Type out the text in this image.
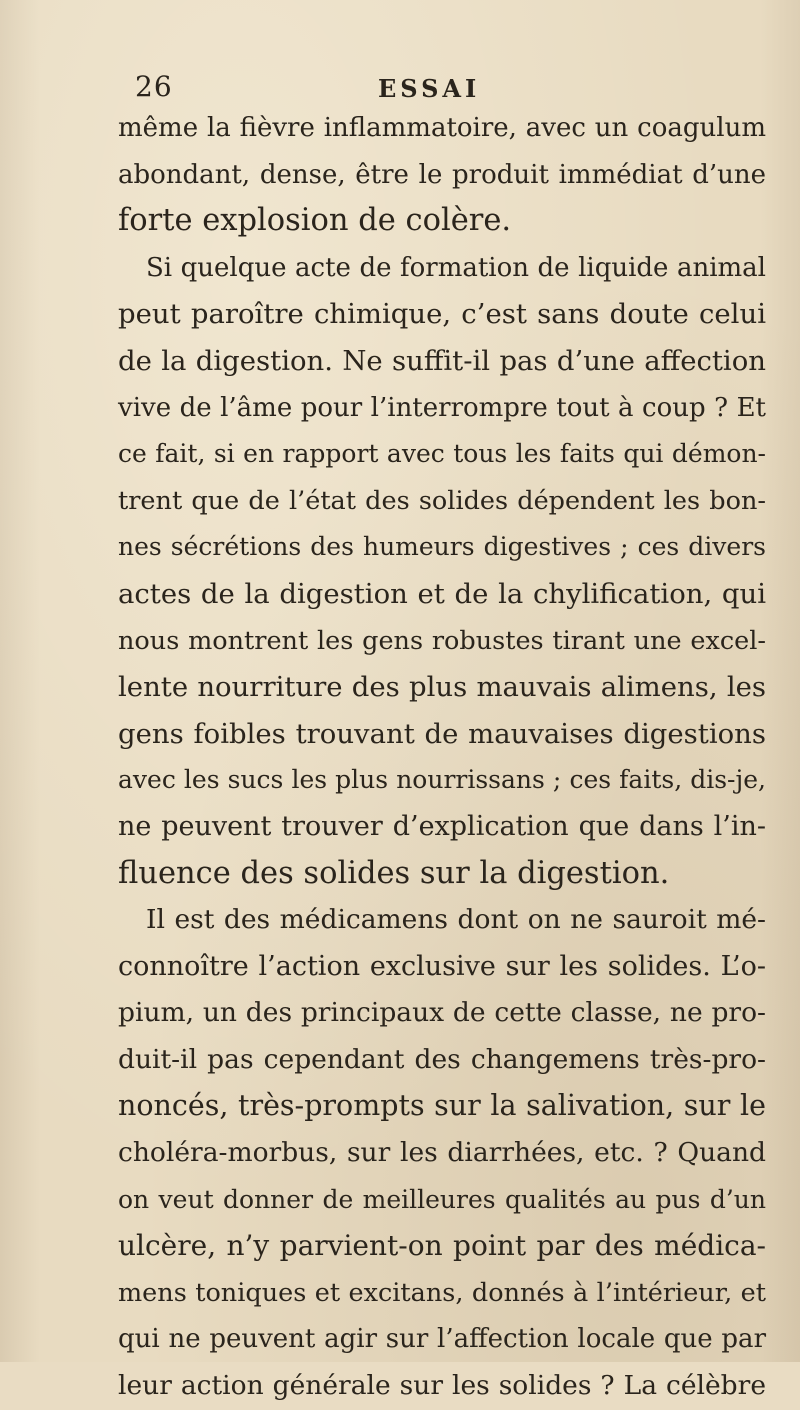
26	ESSAI
même la fièvre inflammatoire, avec un coagulum
abondant, dense, être le produit immédiat d’une
forte explosion de colère.
Si quelque acte de formation de liquide animal
peut paroître chimique, c’est sans doute celui
de la digestion. Ne suffit-il pas d’une affection
vive de l’âme pour l’interrompre tout à coup ? Et
ce fait, si en rapport avec tous les faits qui démon-
trent que de l’état des solides dépendent les bon-
nes sécrétions des humeurs digestives ; ces divers
actes de la digestion et de la chylification, qui
nous montrent les gens robustes tirant une excel-
lente nourriture des plus mauvais alimens, les
gens foibles trouvant de mauvaises digestions
avec les sucs les plus nourrissans ; ces faits, dis-je,
ne peuvent trouver d’explication que dans l’in-
fluence des solides sur la digestion.
Il est des médicamens dont on ne sauroit mé-
connoître l’action exclusive sur les solides. L’o-
pium, un des principaux de cette classe, ne pro-
duit-il pas cependant des changemens très-pro-
noncés, très-prompts sur la salivation, sur le
choléra-morbus, sur les diarrhées, etc. ? Quand
on veut donner de meilleures qualités au pus d’un
ulcère, n’y parvient-on point par des médica-
mens toniques et excitans, donnés à l’intérieur, et
qui ne peuvent agir sur l’affection locale que par
leur action générale sur les solides ? La célèbre
